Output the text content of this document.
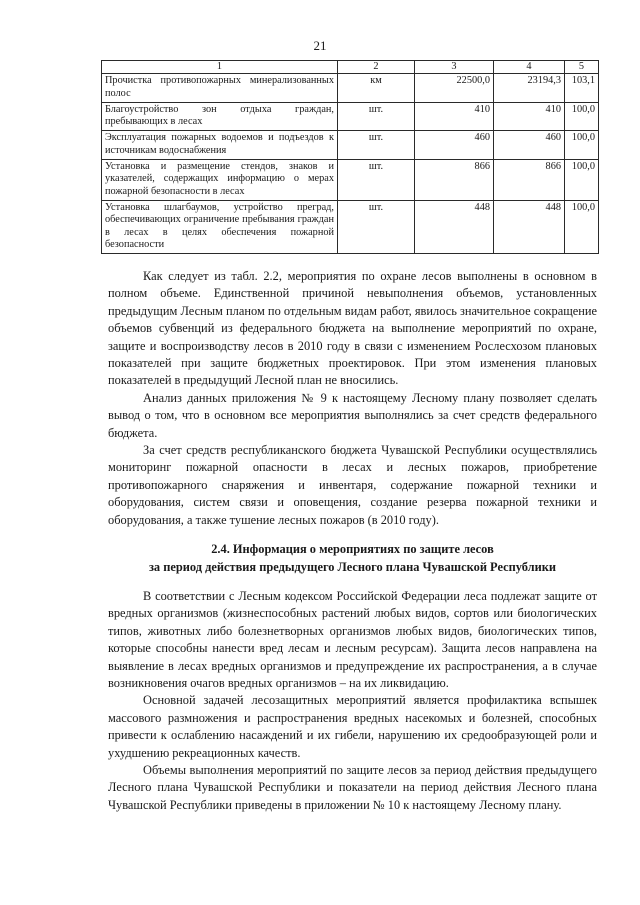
21
1	2	3	4	5
Прочистка противопожарных минерализованных полос	км	22500,0	23194,3	103,1
Благоустройство зон отдыха граждан, пребывающих в лесах	шт.	410	410	100,0
Эксплуатация пожарных водоемов и подъездов к источникам водоснабжения	шт.	460	460	100,0
Установка и размещение стендов, знаков и указателей, содержащих информацию о мерах пожарной безопасности в лесах	шт.	866	866	100,0
Установка шлагбаумов, устройство преград, обеспечивающих ограничение пребывания граждан в лесах в целях обеспечения пожарной безопасности	шт.	448	448	100,0

Как следует из табл. 2.2, мероприятия по охране лесов выполнены в основном в полном объеме. Единственной причиной невыполнения объемов, установленных предыдущим Лесным планом по отдельным видам работ, явилось значительное сокращение объемов субвенций из федерального бюджета на выполнение мероприятий по охране, защите и воспроизводству лесов в 2010 году в связи с изменением Рослесхозом плановых показателей при защите бюджетных проектировок. При этом изменения плановых показателей в предыдущий Лесной план не вносились.

Анализ данных приложения № 9 к настоящему Лесному плану позволяет сделать вывод о том, что в основном все мероприятия выполнялись за счет средств федерального бюджета.

За счет средств республиканского бюджета Чувашской Республики осуществлялись мониторинг пожарной опасности в лесах и лесных пожаров, приобретение противопожарного снаряжения и инвентаря, содержание пожарной техники и оборудования, систем связи и оповещения, создание резерва пожарной техники и оборудования, а также тушение лесных пожаров (в 2010 году).

2.4. Информация о мероприятиях по защите лесов
за период действия предыдущего Лесного плана Чувашской Республики

В соответствии с Лесным кодексом Российской Федерации леса подлежат защите от вредных организмов (жизнеспособных растений любых видов, сортов или биологических типов, животных либо болезнетворных организмов любых видов, биологических типов, которые способны нанести вред лесам и лесным ресурсам). Защита лесов направлена на выявление в лесах вредных организмов и предупреждение их распространения, а в случае возникновения очагов вредных организмов – на их ликвидацию.

Основной задачей лесозащитных мероприятий является профилактика вспышек массового размножения и распространения вредных насекомых и болезней, способных привести к ослаблению насаждений и их гибели, нарушению их средообразующей роли и ухудшению рекреационных качеств.

Объемы выполнения мероприятий по защите лесов за период действия предыдущего Лесного плана Чувашской Республики и показатели на период действия Лесного плана Чувашской Республики приведены в приложении № 10 к настоящему Лесному плану.
